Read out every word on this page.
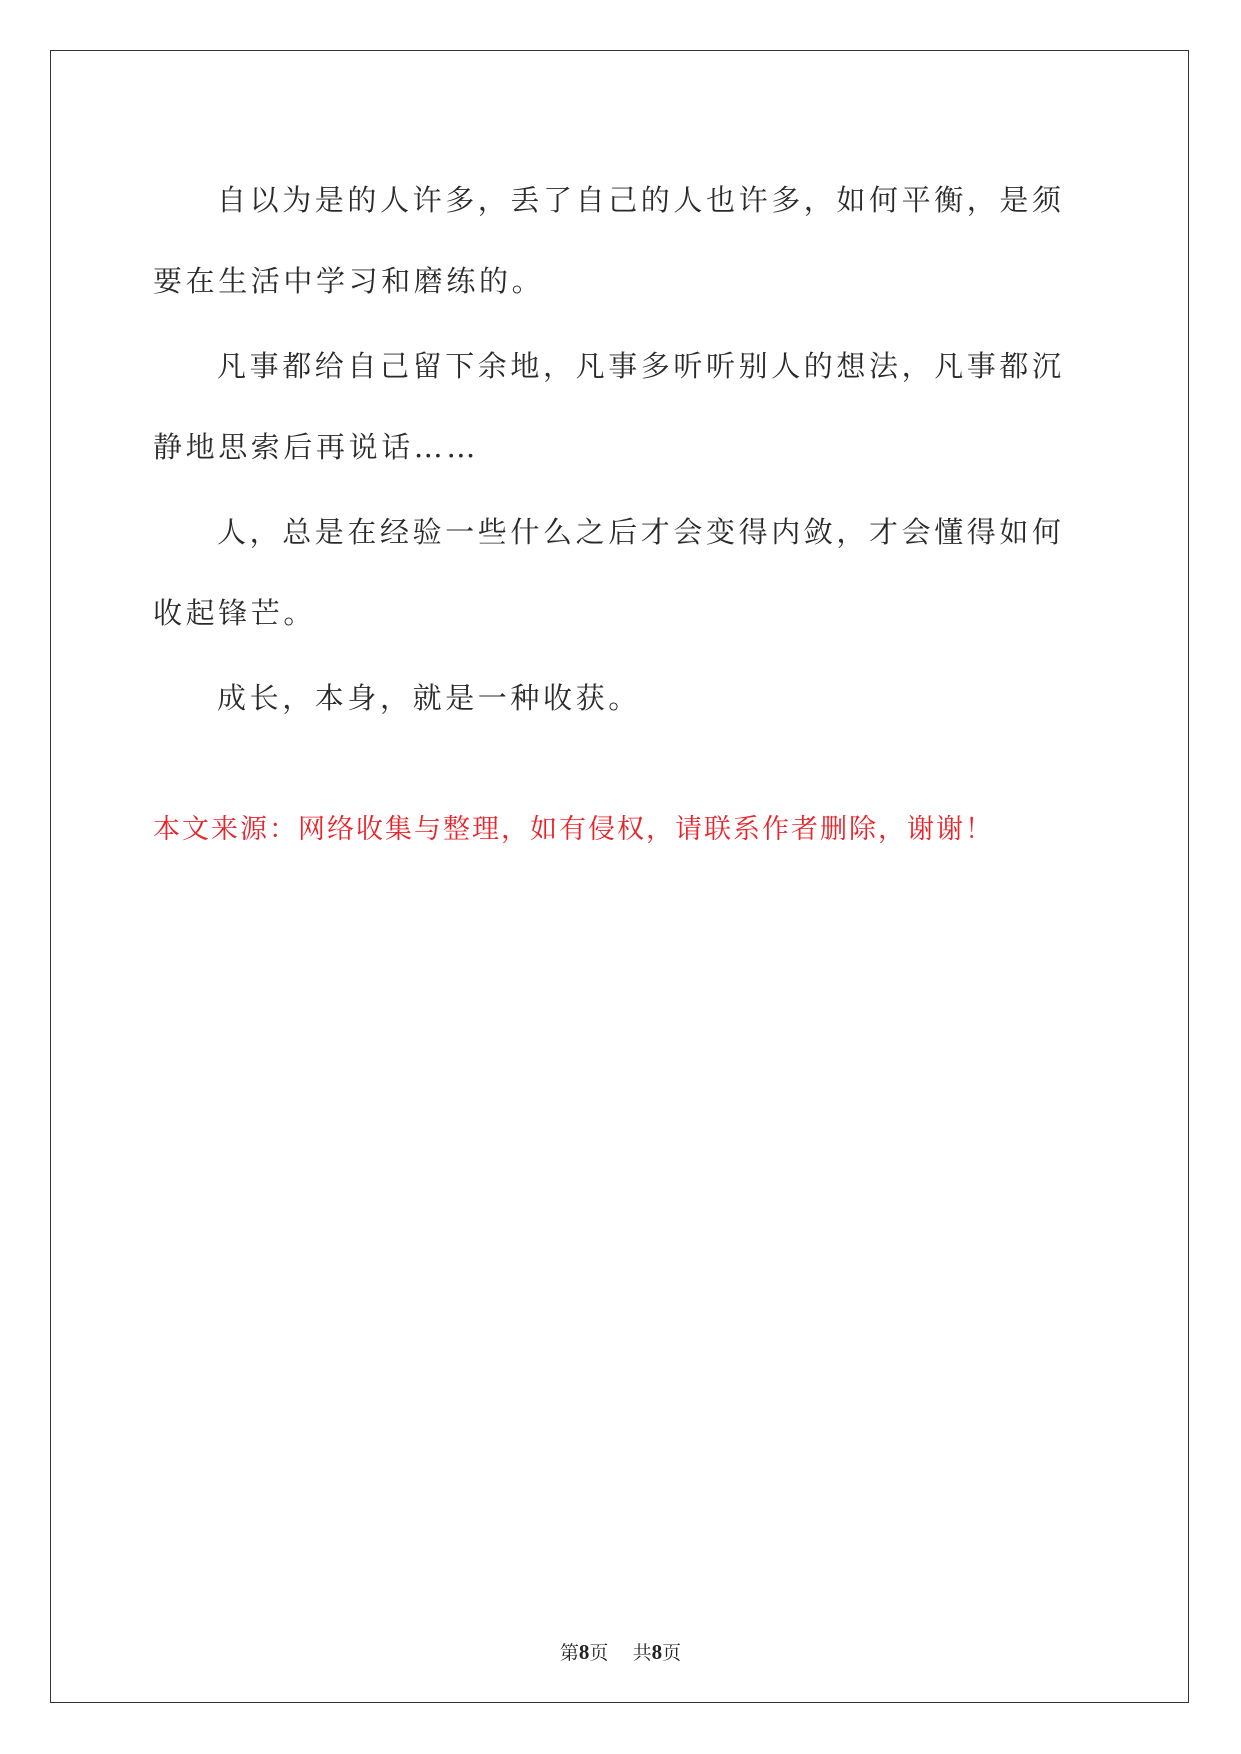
自以为是的人许多，丢了自己的人也许多，如何平衡，是须要在生活中学习和磨练的。

凡事都给自己留下余地，凡事多听听别人的想法，凡事都沉静地思索后再说话……

人，总是在经验一些什么之后才会变得内敛，才会懂得如何收起锋芒。

成长，本身，就是一种收获。

本文来源：网络收集与整理，如有侵权，请联系作者删除，谢谢！

第8页 共8页
